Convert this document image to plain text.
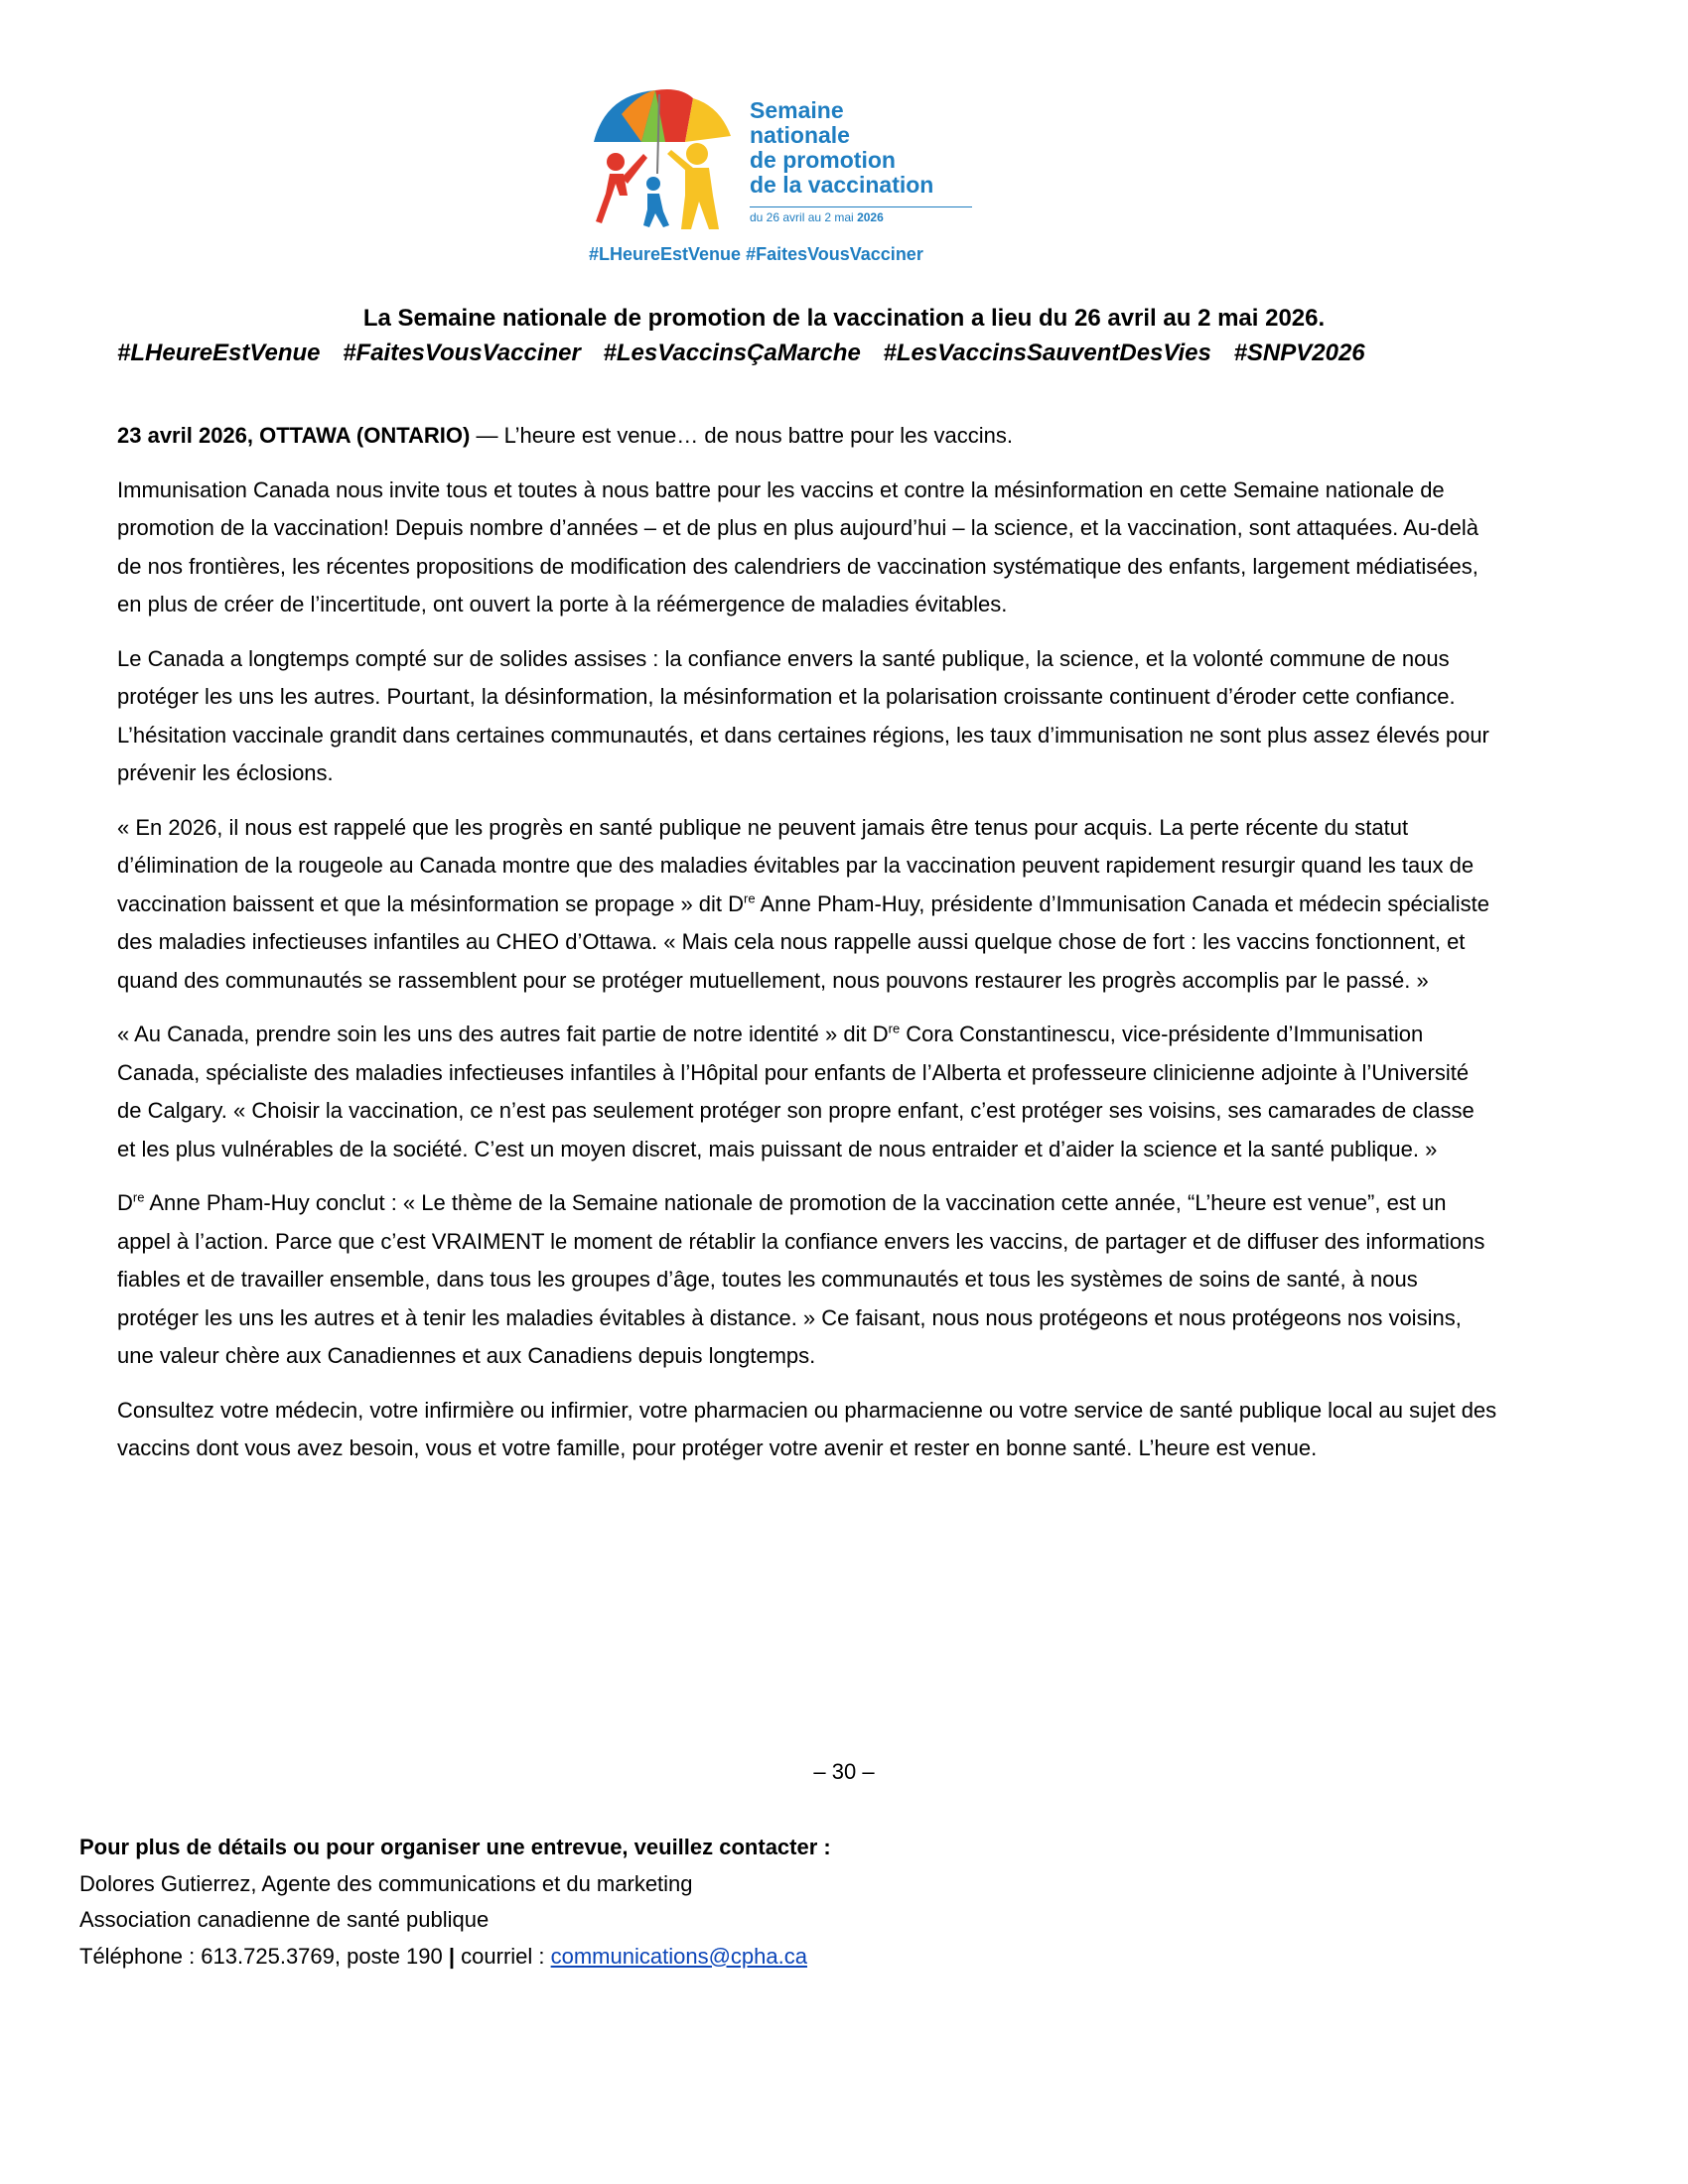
Semaine
nationale
de promotion
de la vaccination
du 26 avril au 2 mai 2026
#LHeureEstVenue #FaitesVousVacciner
La Semaine nationale de promotion de la vaccination a lieu du 26 avril au 2 mai 2026.
#LHeureEstVenue #FaitesVousVacciner #LesVaccinsÇaMarche #LesVaccinsSauventDesVies #SNPV2026

23 avril 2026, OTTAWA (ONTARIO) — L’heure est venue… de nous battre pour les vaccins.

Immunisation Canada nous invite tous et toutes à nous battre pour les vaccins et contre la mésinformation en cette Semaine nationale de promotion de la vaccination! Depuis nombre d’années – et de plus en plus aujourd’hui – la science, et la vaccination, sont attaquées. Au-delà de nos frontières, les récentes propositions de modification des calendriers de vaccination systématique des enfants, largement médiatisées, en plus de créer de l’incertitude, ont ouvert la porte à la réémergence de maladies évitables.

Le Canada a longtemps compté sur de solides assises : la confiance envers la santé publique, la science, et la volonté commune de nous protéger les uns les autres. Pourtant, la désinformation, la mésinformation et la polarisation croissante continuent d’éroder cette confiance. L’hésitation vaccinale grandit dans certaines communautés, et dans certaines régions, les taux d’immunisation ne sont plus assez élevés pour prévenir les éclosions.

« En 2026, il nous est rappelé que les progrès en santé publique ne peuvent jamais être tenus pour acquis. La perte récente du statut d’élimination de la rougeole au Canada montre que des maladies évitables par la vaccination peuvent rapidement resurgir quand les taux de vaccination baissent et que la mésinformation se propage » dit Dre Anne Pham-Huy, présidente d’Immunisation Canada et médecin spécialiste des maladies infectieuses infantiles au CHEO d’Ottawa. « Mais cela nous rappelle aussi quelque chose de fort : les vaccins fonctionnent, et quand des communautés se rassemblent pour se protéger mutuellement, nous pouvons restaurer les progrès accomplis par le passé. »

« Au Canada, prendre soin les uns des autres fait partie de notre identité » dit Dre Cora Constantinescu, vice-présidente d’Immunisation Canada, spécialiste des maladies infectieuses infantiles à l’Hôpital pour enfants de l’Alberta et professeure clinicienne adjointe à l’Université de Calgary. « Choisir la vaccination, ce n’est pas seulement protéger son propre enfant, c’est protéger ses voisins, ses camarades de classe et les plus vulnérables de la société. C’est un moyen discret, mais puissant de nous entraider et d’aider la science et la santé publique. »

Dre Anne Pham-Huy conclut : « Le thème de la Semaine nationale de promotion de la vaccination cette année, “L’heure est venue”, est un appel à l’action. Parce que c’est VRAIMENT le moment de rétablir la confiance envers les vaccins, de partager et de diffuser des informations fiables et de travailler ensemble, dans tous les groupes d’âge, toutes les communautés et tous les systèmes de soins de santé, à nous protéger les uns les autres et à tenir les maladies évitables à distance. » Ce faisant, nous nous protégeons et nous protégeons nos voisins, une valeur chère aux Canadiennes et aux Canadiens depuis longtemps.

Consultez votre médecin, votre infirmière ou infirmier, votre pharmacien ou pharmacienne ou votre service de santé publique local au sujet des vaccins dont vous avez besoin, vous et votre famille, pour protéger votre avenir et rester en bonne santé. L’heure est venue.

– 30 –
Pour plus de détails ou pour organiser une entrevue, veuillez contacter :
Dolores Gutierrez, Agente des communications et du marketing
Association canadienne de santé publique
Téléphone : 613.725.3769, poste 190 | courriel : communications@cpha.ca
